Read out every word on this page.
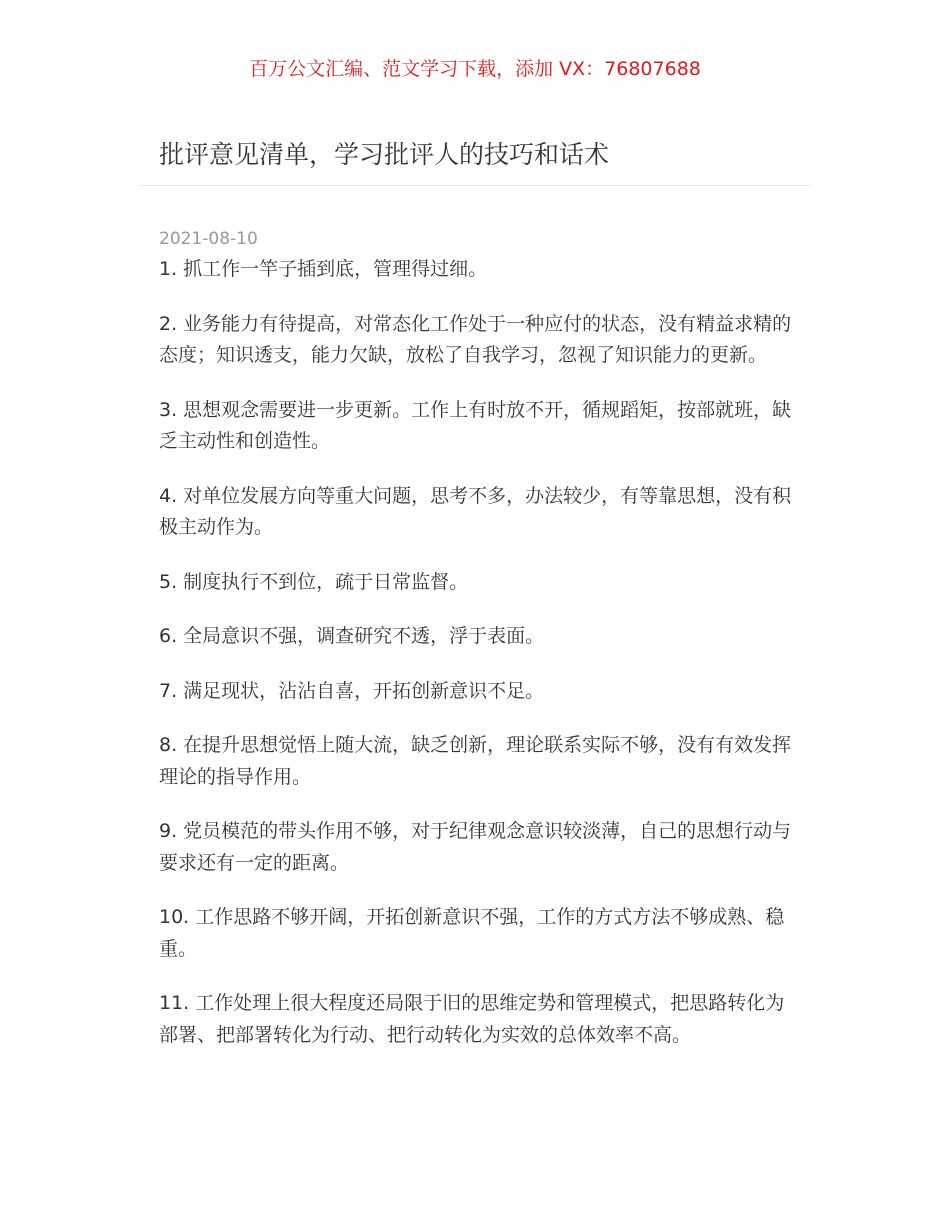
百万公文汇编、范文学习下载，添加 VX：76807688
批评意见清单，学习批评人的技巧和话术
2021-08-10
1. 抓工作一竿子插到底，管理得过细。
2. 业务能力有待提高，对常态化工作处于一种应付的状态，没有精益求精的态度；知识透支，能力欠缺，放松了自我学习，忽视了知识能力的更新。
3. 思想观念需要进一步更新。工作上有时放不开，循规蹈矩，按部就班，缺乏主动性和创造性。
4. 对单位发展方向等重大问题，思考不多，办法较少，有等靠思想，没有积极主动作为。
5. 制度执行不到位，疏于日常监督。
6. 全局意识不强，调查研究不透，浮于表面。
7. 满足现状，沾沾自喜，开拓创新意识不足。
8. 在提升思想觉悟上随大流，缺乏创新，理论联系实际不够，没有有效发挥理论的指导作用。
9. 党员模范的带头作用不够，对于纪律观念意识较淡薄，自己的思想行动与要求还有一定的距离。
10. 工作思路不够开阔，开拓创新意识不强，工作的方式方法不够成熟、稳重。
11. 工作处理上很大程度还局限于旧的思维定势和管理模式，把思路转化为部署、把部署转化为行动、把行动转化为实效的总体效率不高。
